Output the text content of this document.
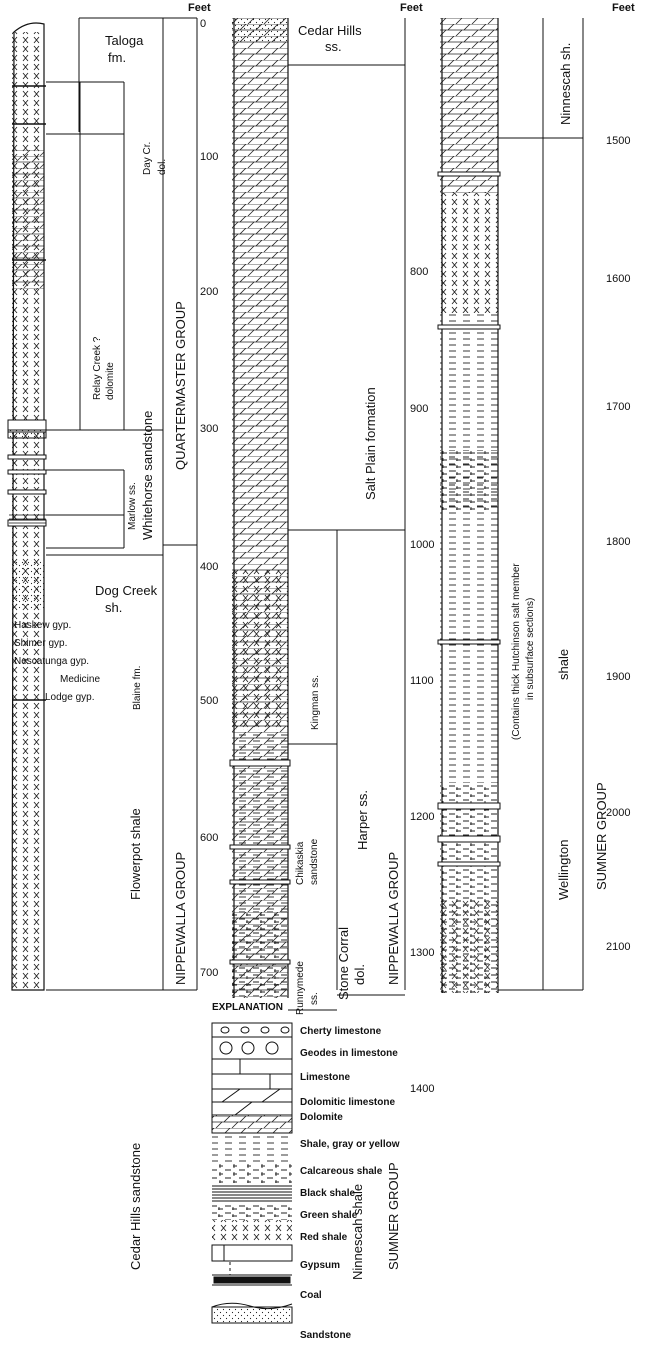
Feet
0
100
200
300
400
500
600
700
Taloga
fm.
Day Cr. dol.
Relay Creek ? dolomite
Marlow ss. Whitehorse sandstone
Dog Creek
sh.
Haskew gyp.
Shimer gyp.
Nescatunga gyp.
Medicine
Lodge gyp.	Blaine fm.
Flowerpot shale
Cedar Hills sandstone
QUARTERMASTER GROUP
NIPPEWALLA GROUP
Feet
800
900
1000
1100
1200
1300
1400
Cedar Hills
ss.
Salt Plain formation
Kingman ss.
Harper ss.
Chikaskia sandstone
Runnymede ss. Stone Corral dol.
Ninnescah shale
NIPPEWALLA GROUP
SUMNER GROUP
Feet
1500
1600
1700
1800
1900
2000
2100
Ninnescah sh.
(Contains thick Hutchinson salt member in subsurface sections)
Wellington
shale
SUMNER GROUP
EXPLANATION
Cherty limestone
Geodes in limestone
Limestone
Dolomitic limestone
Dolomite
Shale, gray or yellow
Calcareous shale
Black shale
Green shale
Red shale
Gypsum
Coal
Sandstone
